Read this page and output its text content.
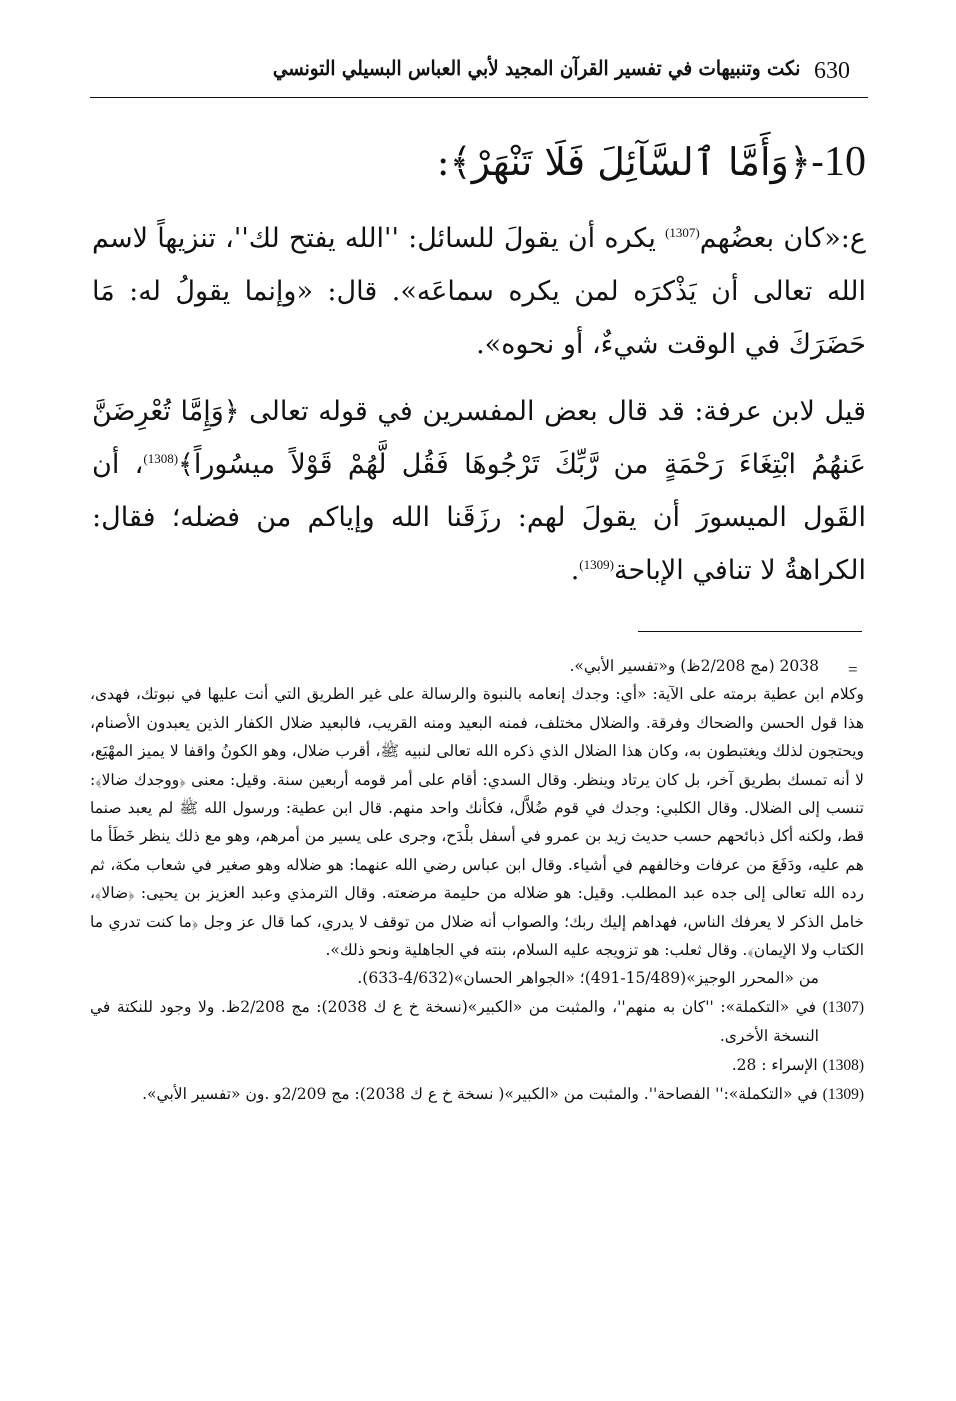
630
نكت وتنبيهات في تفسير القرآن المجيد لأبي العباس البسيلي التونسي
10-﴿وَأَمَّا ٱلسَّآئِلَ فَلَا تَنْهَرْ﴾:

ع:«كان بعضُهم$^{(1307)}$ يكره أن يقولَ للسائل: ''الله يفتح لك''، تنزيهاً لاسم الله تعالى أن يَذْكرَه لمن يكره سماعَه». قال: «وإنما يقولُ له: مَا حَضَرَكَ في الوقت شيءٌ، أو نحوه».

قيل لابن عرفة: قد قال بعض المفسرين في قوله تعالى ﴿وَإِمَّا تُعْرِضَنَّ عَنهُمُ ابْتِغَاءَ رَحْمَةٍ من رَّبِّكَ تَرْجُوهَا فَقُل لَّهُمْ قَوْلاً ميسُوراً﴾$^{(1308)}$، أن القَول الميسورَ أن يقولَ لهم: رزَقَنا الله وإياكم من فضله؛ فقال: الكراهةُ لا تنافي الإباحة$^{(1309)}$.

=

2038 (مج 2/208ظ) و«تفسير الأبي».

وكلام ابن عطية برمته على الآية: «أي: وجدك إنعامه بالنبوة والرسالة على غير الطريق التي أنت عليها في نبوتك، فهدى، هذا قول الحسن والضحاك وفرقة. والضلال مختلف، فمنه البعيد ومنه القريب، فالبعيد ضلال الكفار الذين يعبدون الأصنام، ويحتجون لذلك ويغتبطون به، وكان هذا الضلال الذي ذكره الله تعالى لنبيه ﷺ، أقرب ضلال، وهو الكونُ واقفا لا يميز المهْيَع، لا أنه تمسك بطريق آخر، بل كان يرتاد وينظر. وقال السدي: أقام على أمر قومه أربعين سنة. وقيل: معنى ﴿ووجدك ضالا﴾: تنسب إلى الضلال. وقال الكلبي: وجدك في قوم ضُلاَّل، فكأنك واحد منهم. قال ابن عطية: ورسول الله ﷺ لم يعبد صنما قط، ولكنه أكل ذبائحهم حسب حديث زيد بن عمرو في أسفل بلْدَح، وجرى على يسير من أمرهم، وهو مع ذلك ينظر خَطَأ ما هم عليه، ودَفَعَ من عرفات وخالفهم في أشياء. وقال ابن عباس رضي الله عنهما: هو ضلاله وهو صغير في شعاب مكة، ثم رده الله تعالى إلى جده عبد المطلب. وقيل: هو ضلاله من حليمة مرضعته. وقال الترمذي وعبد العزيز بن يحيى: ﴿ضالا﴾، خامل الذكر لا يعرفك الناس، فهداهم إليك ربك؛ والصواب أنه ضلال من توقف لا يدري، كما قال عز وجل ﴿ما كنت تدري ما الكتاب ولا الإيمان﴾. وقال ثعلب: هو تزويجه عليه السلام، بنته في الجاهلية ونحو ذلك».

من «المحرر الوجيز»(15/489-491)؛ «الجواهر الحسان»(4/632-633).

(1307) في «التكملة»: ''كان به منهم''، والمثبت من «الكبير»(نسخة خ ع ك 2038): مج 2/208ظ. ولا وجود للنكتة في النسخة الأخرى.

(1308) الإسراء : 28.

(1309) في «التكملة»:'' الفصاحة''. والمثبت من «الكبير»( نسخة خ ع ك 2038): مج 2/209و .ون «تفسير الأبي».
